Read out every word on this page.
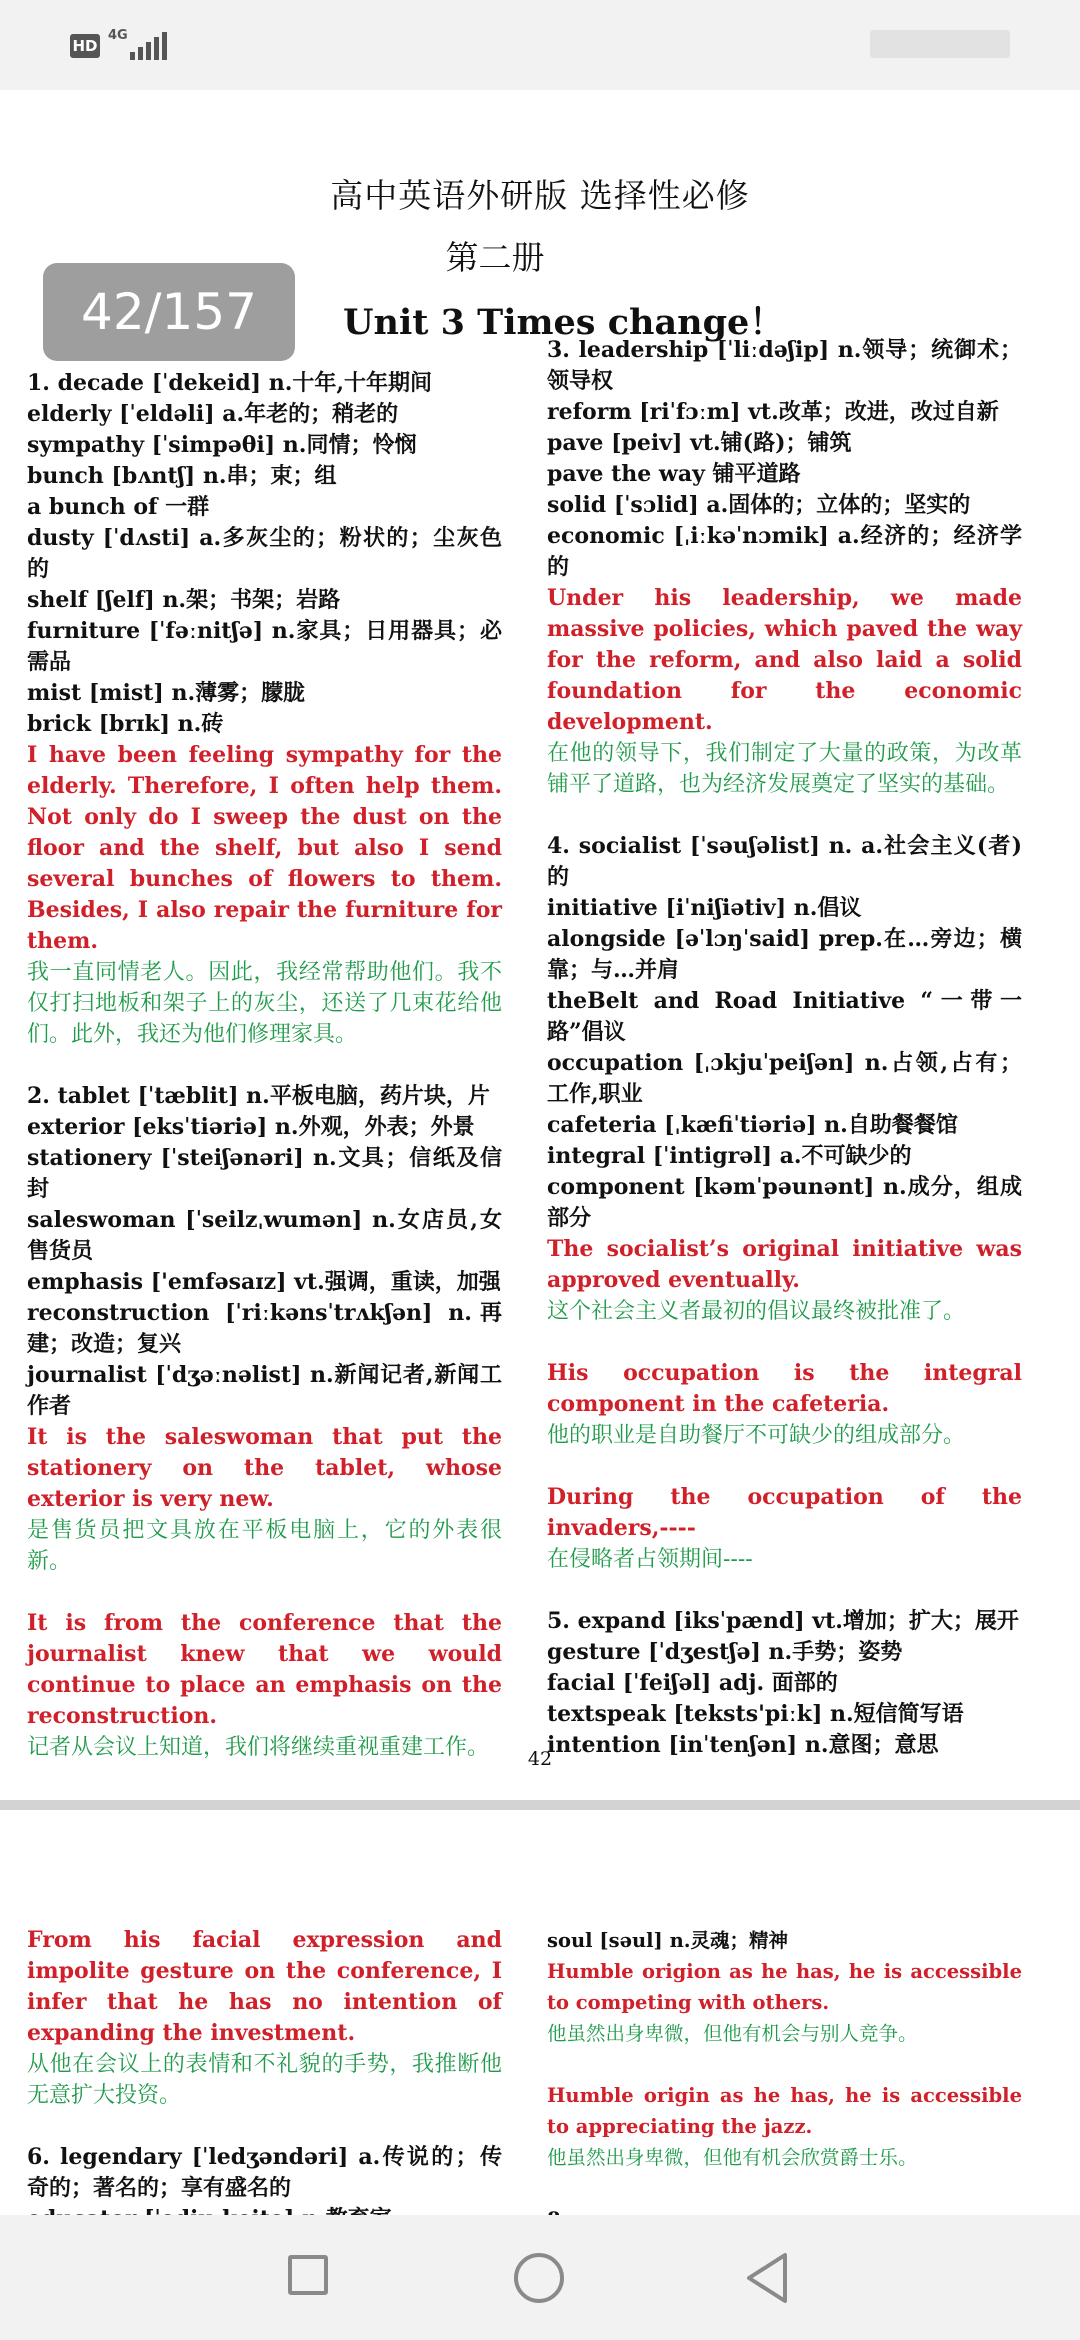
HD
4G
高中英语外研版 选择性必修
第二册
Unit 3 Times change！
42/157

1. decade [ˈdekeid] n.十年,十年期间

elderly [ˈeldəli] a.年老的；稍老的

sympathy [ˈsimpəθi] n.同情；怜悯

bunch [bʌntʃ] n.串；束；组

a bunch of 一群

dusty [ˈdʌsti] a.多灰尘的；粉状的；尘灰色的

shelf [ʃelf] n.架；书架；岩路

furniture [ˈfəːnitʃə] n.家具；日用器具；必需品

mist [mist] n.薄雾；朦胧

brick [brɪk] n.砖

I have been feeling sympathy for the elderly. Therefore, I often help them. Not only do I sweep the dust on the floor and the shelf, but also I send several bunches of flowers to them. Besides, I also repair the furniture for them.

我一直同情老人。因此，我经常帮助他们。我不仅打扫地板和架子上的灰尘，还送了几束花给他们。此外，我还为他们修理家具。

2. tablet [ˈtæblit] n.平板电脑，药片块，片

exterior [eksˈtiəriə] n.外观，外表；外景

stationery [ˈsteiʃənəri] n.文具；信纸及信封

saleswoman [ˈseilzˌwumən] n.女店员,女售货员

emphasis ['emfəsaɪz] vt.强调，重读，加强

reconstruction [ˈriːkənsˈtrʌkʃən] n.再建；改造；复兴

journalist [ˈdʒəːnəlist] n.新闻记者,新闻工作者

It is the saleswoman that put the stationery on the tablet, whose exterior is very new.

是售货员把文具放在平板电脑上，它的外表很新。

It is from the conference that the journalist knew that we would continue to place an emphasis on the reconstruction.

记者从会议上知道，我们将继续重视重建工作。

3. leadership [ˈliːdəʃip] n.领导；统御术；领导权

reform [riˈfɔːm] vt.改革；改进，改过自新

pave [peiv] vt.铺(路)；铺筑

pave the way 铺平道路

solid [ˈsɔlid] a.固体的；立体的；坚实的

economic [ˌiːkəˈnɔmik] a.经济的；经济学的

Under his leadership, we made massive policies, which paved the way for the reform, and also laid a solid foundation for the economic development.

在他的领导下，我们制定了大量的政策，为改革铺平了道路，也为经济发展奠定了坚实的基础。

4. socialist [ˈsəuʃəlist] n. a.社会主义(者)的

initiative [iˈniʃiətiv] n.倡议

alongside [əˈlɔŋˈsaid] prep.在…旁边；横靠；与…并肩

theBelt and Road Initiative “一带一路”倡议

occupation [ˌɔkjuˈpeiʃən] n.占领,占有；工作,职业

cafeteria [ˌkæfiˈtiəriə] n.自助餐餐馆

integral [ˈintigrəl] a.不可缺少的

component [kəmˈpəunənt] n.成分，组成部分

The socialist’s original initiative was approved eventually.

这个社会主义者最初的倡议最终被批准了。

His occupation is the integral component in the cafeteria.

他的职业是自助餐厅不可缺少的组成部分。

During the occupation of the invaders,----

在侵略者占领期间----

5. expand [iksˈpænd] vt.增加；扩大；展开

gesture [ˈdʒestʃə] n.手势；姿势

facial [ˈfeiʃəl] adj. 面部的

textspeak [teksts'piːk] n.短信简写语

intention [inˈtenʃən] n.意图；意思

42

From his facial expression and impolite gesture on the conference, I infer that he has no intention of expanding the investment.

从他在会议上的表情和不礼貌的手势，我推断他无意扩大投资。

6. legendary [ˈledʒəndəri] a.传说的；传奇的；著名的；享有盛名的

soul [səul] n.灵魂；精神

Humble origion as he has, he is accessible to competing with others.

他虽然出身卑微，但他有机会与别人竞争。

Humble origin as he has, he is accessible to appreciating the jazz.

他虽然出身卑微，但他有机会欣赏爵士乐。
